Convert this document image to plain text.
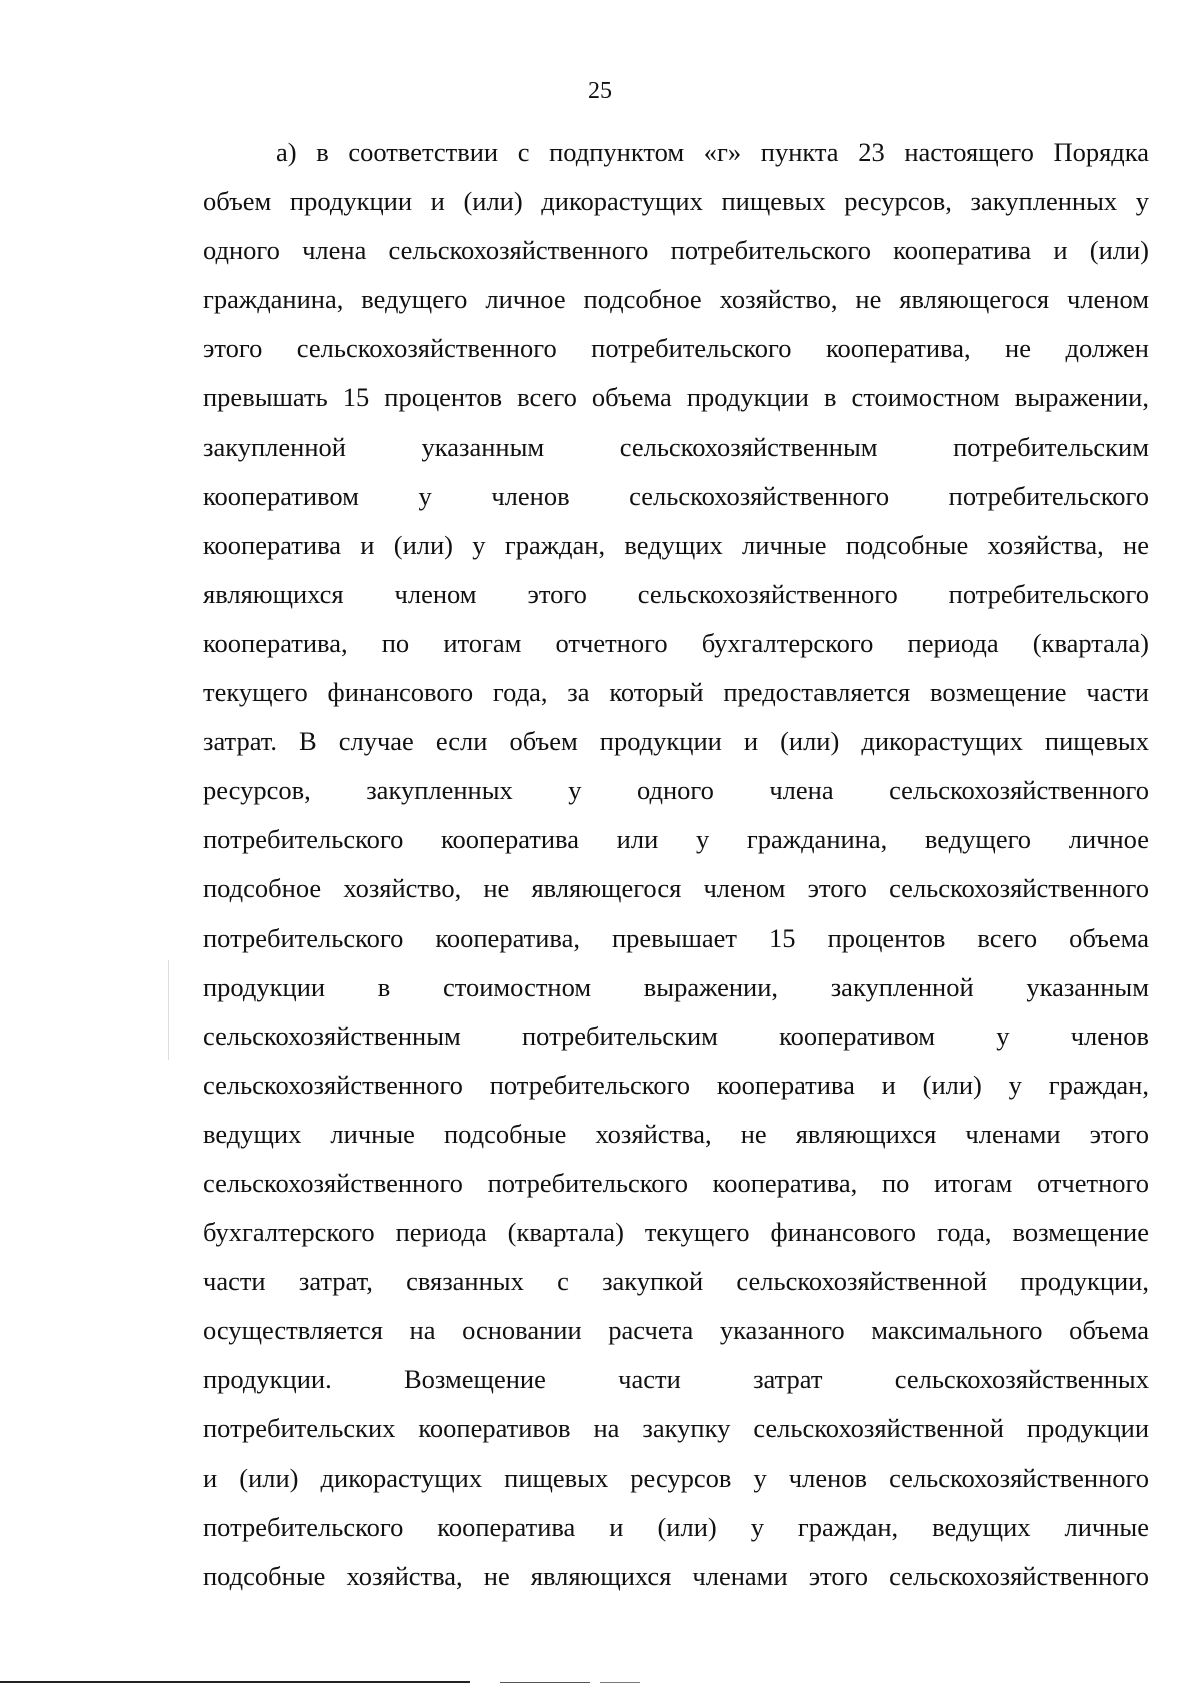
25
а) в соответствии с подпунктом «г» пункта 23 настоящего Порядка
объем продукции и (или) дикорастущих пищевых ресурсов, закупленных у
одного члена сельскохозяйственного потребительского кооператива и (или)
гражданина, ведущего личное подсобное хозяйство, не являющегося членом
этого сельскохозяйственного потребительского кооператива, не должен
превышать 15 процентов всего объема продукции в стоимостном выражении,
закупленной указанным сельскохозяйственным потребительским
кооперативом у членов сельскохозяйственного потребительского
кооператива и (или) у граждан, ведущих личные подсобные хозяйства, не
являющихся членом этого сельскохозяйственного потребительского
кооператива, по итогам отчетного бухгалтерского периода (квартала)
текущего финансового года, за который предоставляется возмещение части
затрат. В случае если объем продукции и (или) дикорастущих пищевых
ресурсов, закупленных у одного члена сельскохозяйственного
потребительского кооператива или у гражданина, ведущего личное
подсобное хозяйство, не являющегося членом этого сельскохозяйственного
потребительского кооператива, превышает 15 процентов всего объема
продукции в стоимостном выражении, закупленной указанным
сельскохозяйственным потребительским кооперативом у членов
сельскохозяйственного потребительского кооператива и (или) у граждан,
ведущих личные подсобные хозяйства, не являющихся членами этого
сельскохозяйственного потребительского кооператива, по итогам отчетного
бухгалтерского периода (квартала) текущего финансового года, возмещение
части затрат, связанных с закупкой сельскохозяйственной продукции,
осуществляется на основании расчета указанного максимального объема
продукции. Возмещение части затрат сельскохозяйственных
потребительских кооперативов на закупку сельскохозяйственной продукции
и (или) дикорастущих пищевых ресурсов у членов сельскохозяйственного
потребительского кооператива и (или) у граждан, ведущих личные
подсобные хозяйства, не являющихся членами этого сельскохозяйственного
